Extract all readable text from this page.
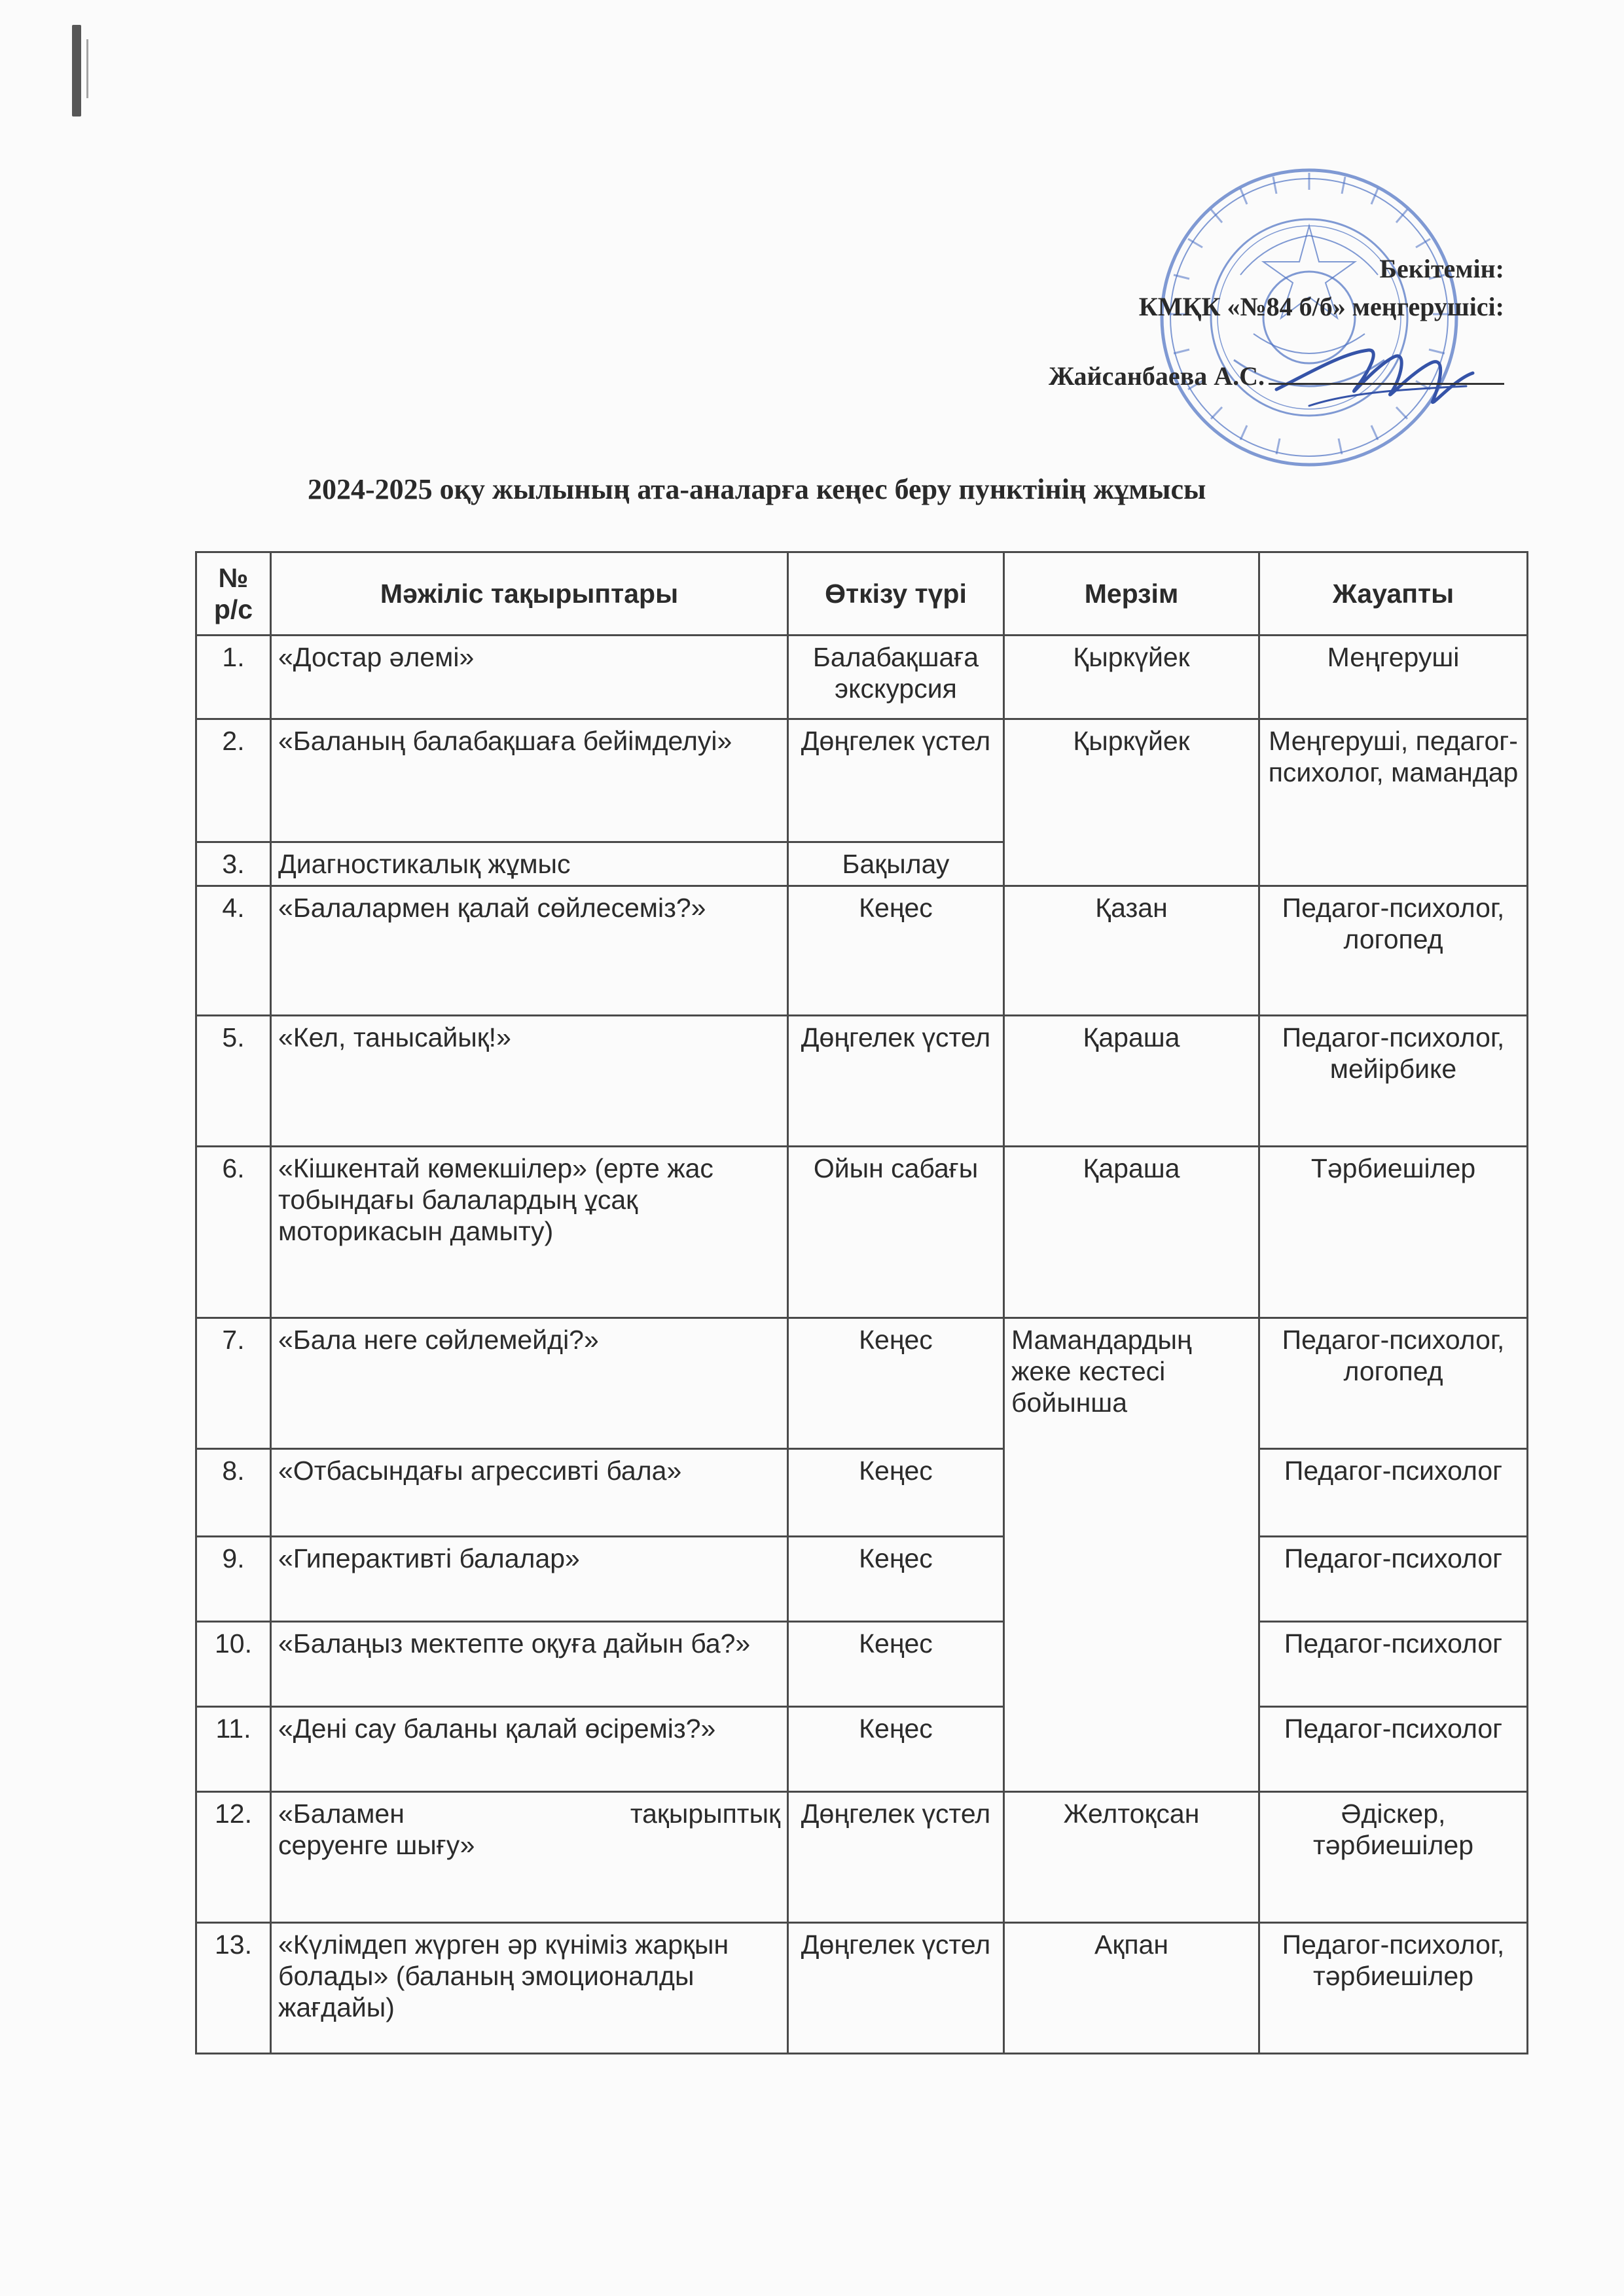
Бекітемін:
КМҚК «№84 б/б» меңгерушісі:
Жайсанбаева А.С.
2024-2025 оқу жылының ата-аналарға кеңес беру пунктінің жұмысы
№
р/с	Мәжіліс тақырыптары	Өткізу түрі	Мерзім	Жауапты
1.	«Достар әлемі»	Балабақшаға экскурсия	Қыркүйек	Меңгеруші
2.	«Баланың балабақшаға бейімделуі»	Дөңгелек үстел	Қыркүйек	Меңгеруші, педагог-психолог, мамандар
3.	Диагностикалық жұмыс	Бақылау		
4.	«Балалармен қалай сөйлесеміз?»	Кеңес	Қазан	Педагог-психолог, логопед
5.	«Кел, танысайық!»	Дөңгелек үстел	Қараша	Педагог-психолог, мейірбике
6.	«Кішкентай көмекшілер» (ерте жас тобындағы балалардың ұсақ моторикасын дамыту)	Ойын сабағы	Қараша	Тәрбиешілер
7.	«Бала неге сөйлемейді?»	Кеңес	Мамандардың жеке кестесі бойынша	Педагог-психолог, логопед
8.	«Отбасындағы агрессивті бала»	Кеңес		Педагог-психолог
9.	«Гиперактивті балалар»	Кеңес		Педагог-психолог
10.	«Балаңыз мектепте оқуға дайын ба?»	Кеңес		Педагог-психолог
11.	«Дені сау баланы қалай өсіреміз?»	Кеңес		Педагог-психолог
12.	«Баламен тақырыптық
серуенге шығу»	Дөңгелек үстел	Желтоқсан	Әдіскер, тәрбиешілер
13.	«Күлімдеп жүрген әр күніміз жарқын болады» (баланың эмоционалды жағдайы)	Дөңгелек үстел	Ақпан	Педагог-психолог, тәрбиешілер
